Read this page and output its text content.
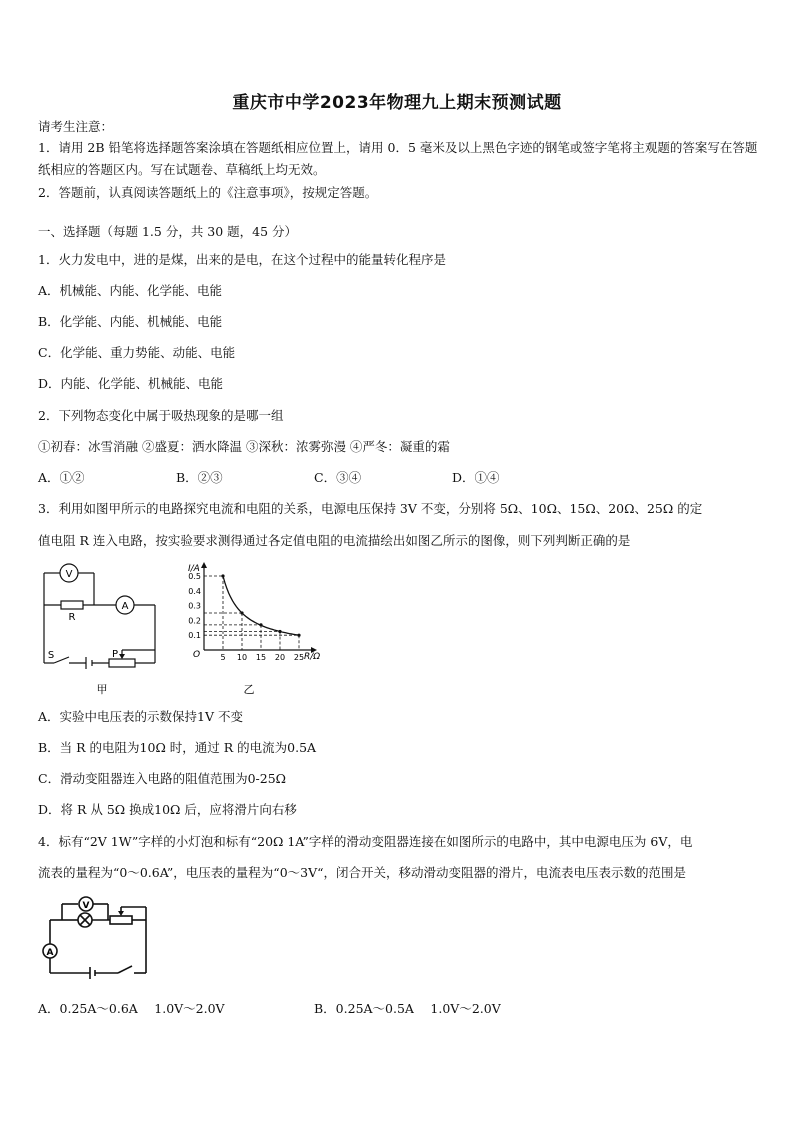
重庆市中学2023年物理九上期末预测试题
请考生注意：
1．请用 2B 铅笔将选择题答案涂填在答题纸相应位置上，请用 0．5 毫米及以上黑色字迹的钢笔或签字笔将主观题的答案写在答题纸相应的答题区内。写在试题卷、草稿纸上均无效。
2．答题前，认真阅读答题纸上的《注意事项》，按规定答题。
一、选择题（每题 1.5 分，共 30 题，45 分）
1．火力发电中，进的是煤，出来的是电，在这个过程中的能量转化程序是
A．机械能、内能、化学能、电能
B．化学能、内能、机械能、电能
C．化学能、重力势能、动能、电能
D．内能、化学能、机械能、电能
2．下列物态变化中属于吸热现象的是哪一组
①初春：冰雪消融 ②盛夏：洒水降温 ③深秋：浓雾弥漫 ④严冬：凝重的霜
A．①②	B．②③	C．③④	D．①④
3．利用如图甲所示的电路探究电流和电阻的关系，电源电压保持 3V 不变，分别将 5Ω、10Ω、15Ω、20Ω、25Ω 的定
值电阻 R 连入电路，按实验要求测得通过各定值电阻的电流描绘出如图乙所示的图像，则下列判断正确的是
V
A
R
S	P
甲
0.1
0.2
0.3
0.4
0.5
5 10 15 20 25
I/A
R/Ω
O
乙
A．实验中电压表的示数保持1V 不变
B．当 R 的电阻为10Ω 时，通过 R 的电流为0.5A
C．滑动变阻器连入电路的阻值范围为0-25Ω
D．将 R 从 5Ω 换成10Ω 后，应将滑片向右移
4．标有“2V 1W”字样的小灯泡和标有“20Ω 1A”字样的滑动变阻器连接在如图所示的电路中，其中电源电压为 6V，电
流表的量程为“0～0.6A”，电压表的量程为“0～3V“，闭合开关，移动滑动变阻器的滑片，电流表电压表示数的范围是
V
A
A．0.25A～0.6A　 1.0V～2.0V	B．0.25A～0.5A　 1.0V～2.0V
